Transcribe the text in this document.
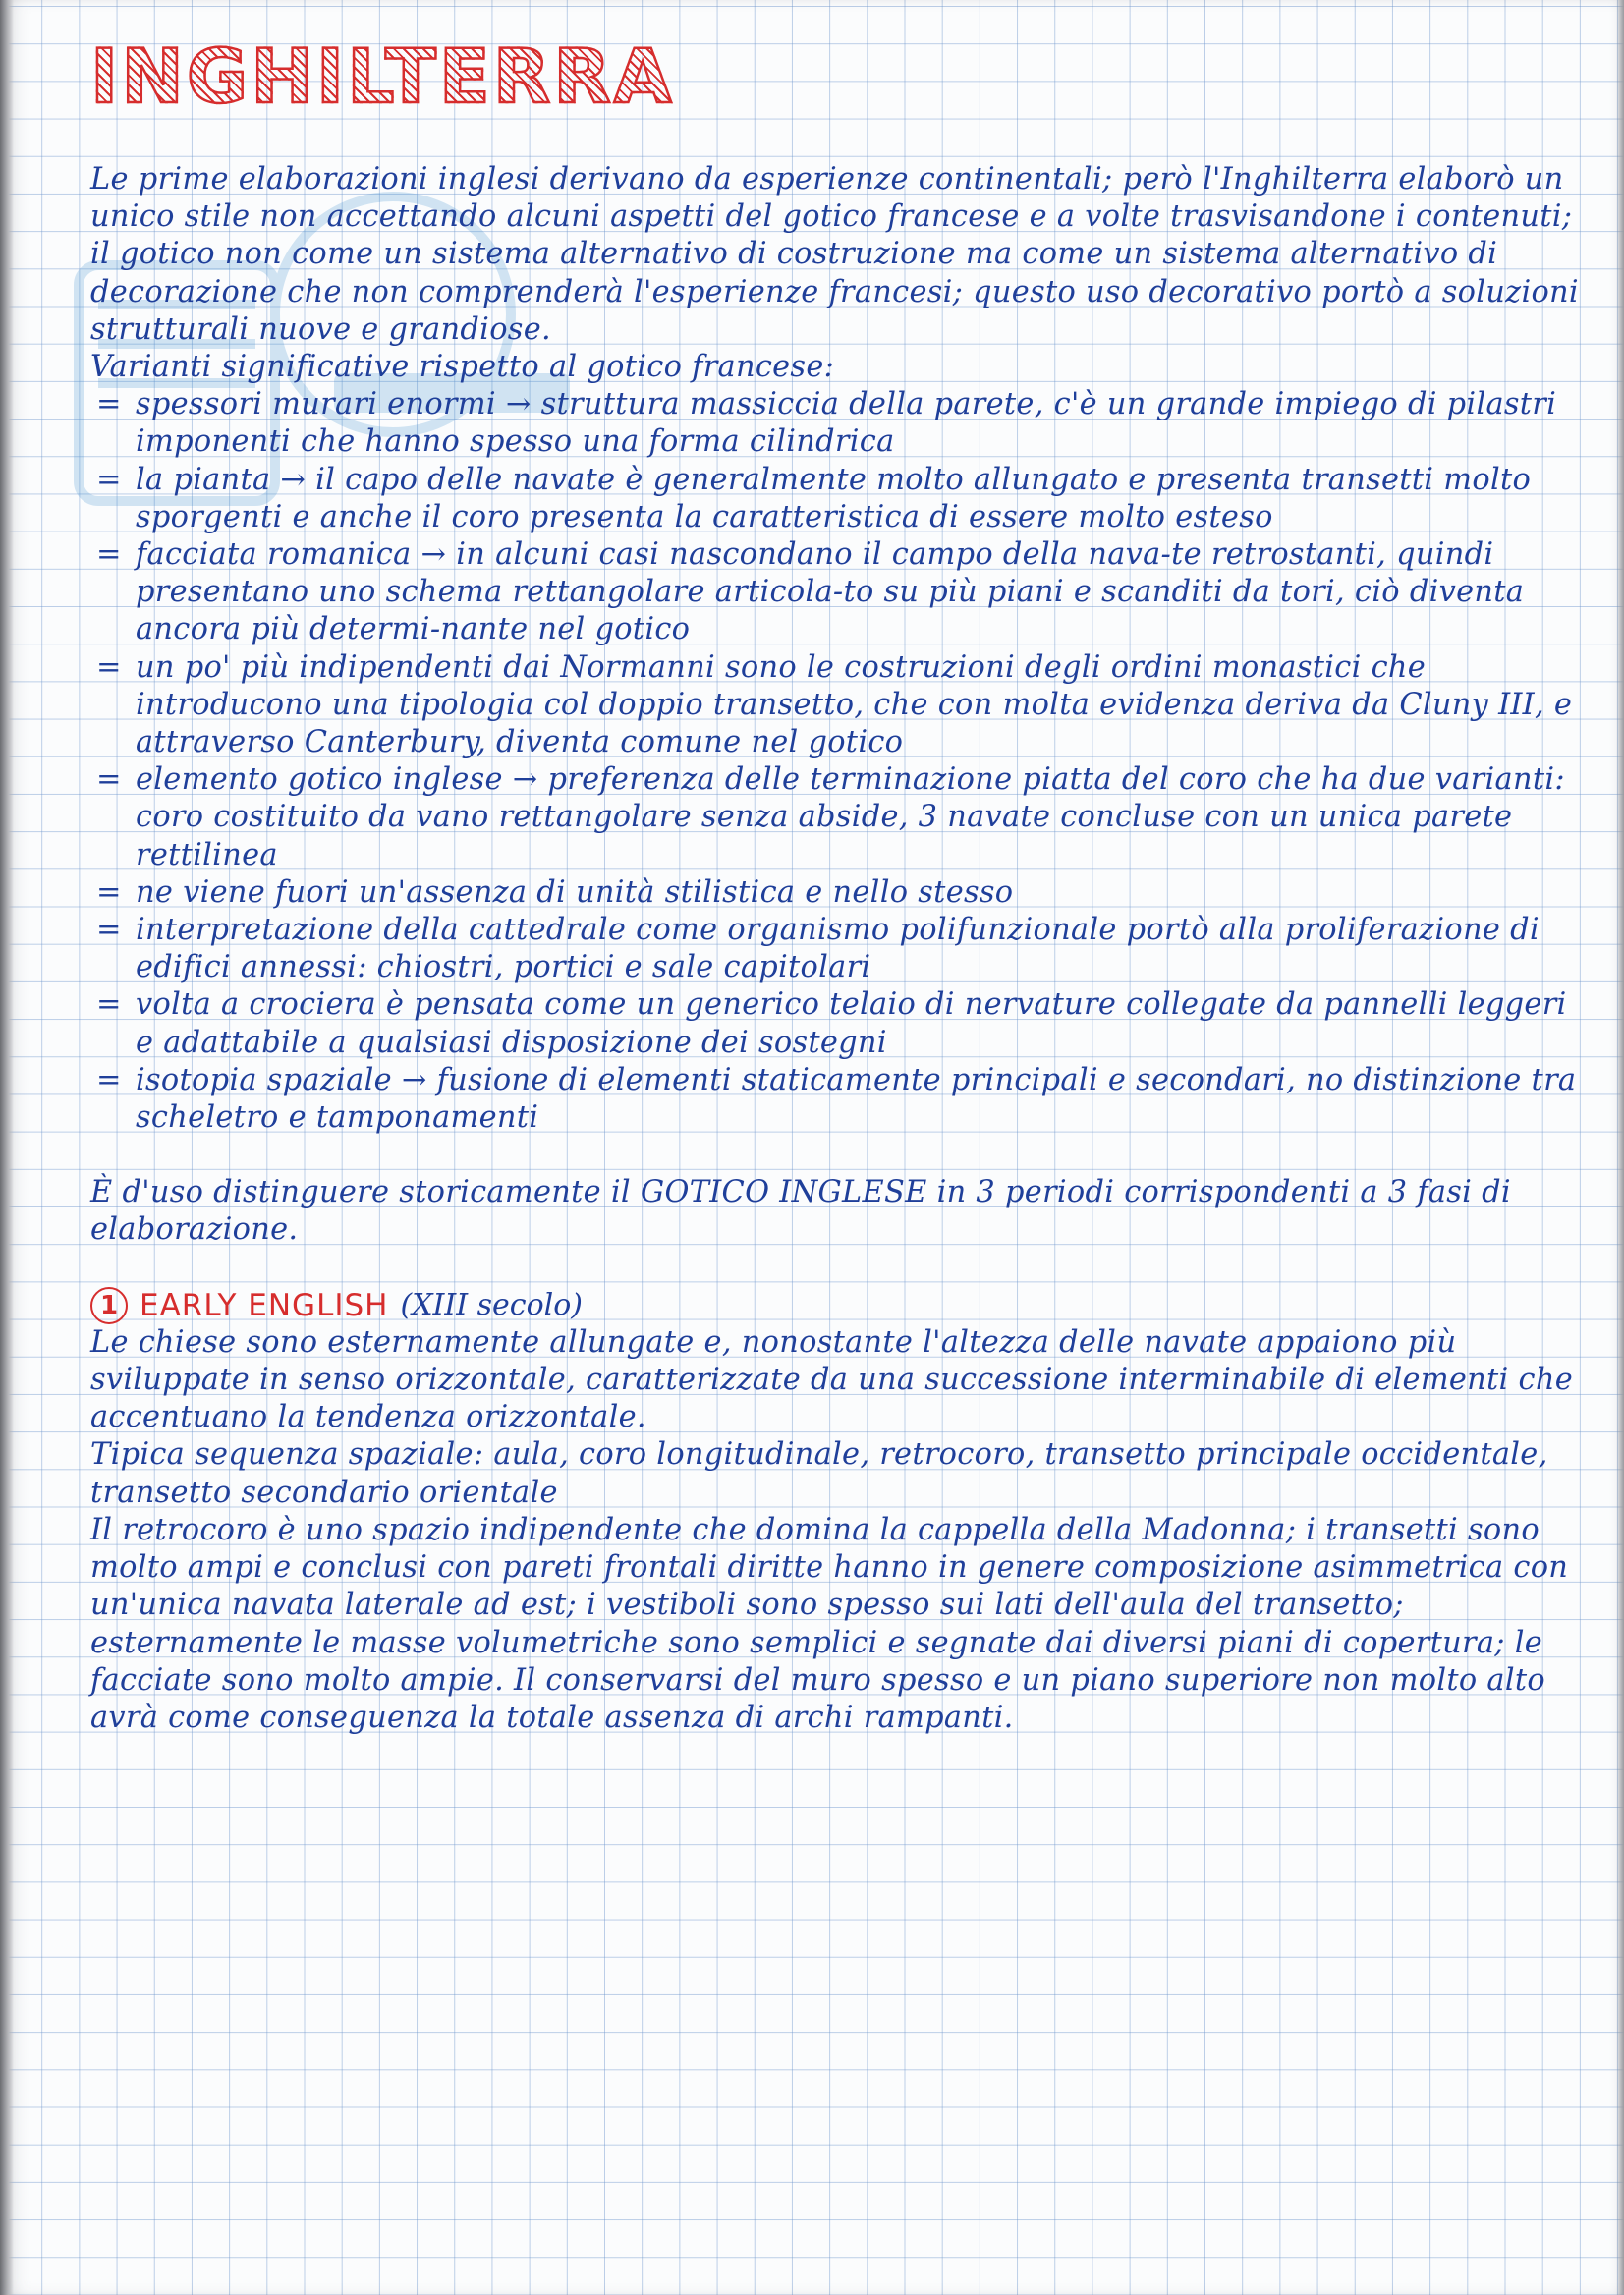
INGHILTERRA

Le prime elaborazioni inglesi derivano da esperienze continentali; però l'Inghilterra elaborò un unico stile non accettando alcuni aspetti del gotico francese e a volte trasvisandone i contenuti; il gotico non come un sistema alternativo di costruzione ma come un sistema alternativo di decorazione che non comprenderà l'esperienze francesi; questo uso decorativo portò a soluzioni strutturali nuove e grandiose.

Varianti significative rispetto al gotico francese:

= spessori murari enormi → struttura massiccia della parete, c'è un grande impiego di pilastri imponenti che hanno spesso una forma cilindrica
= la pianta → il capo delle navate è generalmente molto allungato e presenta transetti molto sporgenti e anche il coro presenta la caratteristica di essere molto esteso
= facciata romanica → in alcuni casi nascondano il campo della nava-te retrostanti, quindi presentano uno schema rettangolare articola-to su più piani e scanditi da tori, ciò diventa ancora più determi-nante nel gotico
= un po' più indipendenti dai Normanni sono le costruzioni degli ordini monastici che introducono una tipologia col doppio transetto, che con molta evidenza deriva da Cluny III, e attraverso Canterbury, diventa comune nel gotico
= elemento gotico inglese → preferenza delle terminazione piatta del coro che ha due varianti: coro costituito da vano rettangolare senza abside, 3 navate concluse con un unica parete rettilinea
= ne viene fuori un'assenza di unità stilistica e nello stesso
= interpretazione della cattedrale come organismo polifunzionale portò alla proliferazione di edifici annessi: chiostri, portici e sale capitolari
= volta a crociera è pensata come un generico telaio di nervature collegate da pannelli leggeri e adattabile a qualsiasi disposizione dei sostegni
= isotopia spaziale → fusione di elementi staticamente principali e secondari, no distinzione tra scheletro e tamponamenti

È d'uso distinguere storicamente il GOTICO INGLESE in 3 periodi corrispondenti a 3 fasi di elaborazione.

1 EARLY ENGLISH (XIII secolo)

Le chiese sono esternamente allungate e, nonostante l'altezza delle navate appaiono più sviluppate in senso orizzontale, caratterizzate da una successione interminabile di elementi che accentuano la tendenza orizzontale.

Tipica sequenza spaziale: aula, coro longitudinale, retrocoro, transetto principale occidentale, transetto secondario orientale

Il retrocoro è uno spazio indipendente che domina la cappella della Madonna; i transetti sono molto ampi e conclusi con pareti frontali diritte hanno in genere composizione asimmetrica con un'unica navata laterale ad est; i vestiboli sono spesso sui lati dell'aula del transetto; esternamente le masse volumetriche sono semplici e segnate dai diversi piani di copertura; le facciate sono molto ampie. Il conservarsi del muro spesso e un piano superiore non molto alto avrà come conseguenza la totale assenza di archi rampanti.
